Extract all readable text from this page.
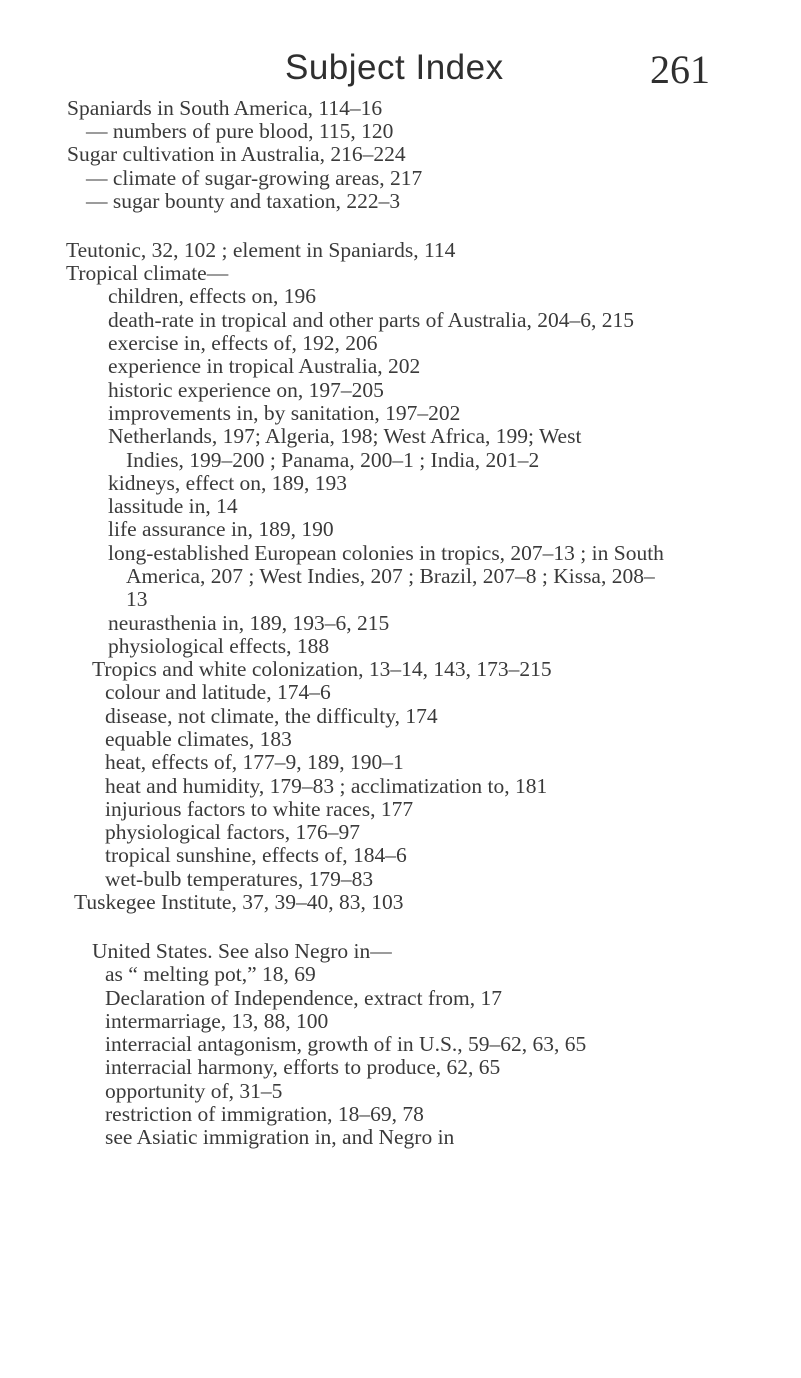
Subject Index	261
Spaniards in South America, 114–16
— numbers of pure blood, 115, 120
Sugar cultivation in Australia, 216–224
— climate of sugar-growing areas, 217
— sugar bounty and taxation, 222–3
Teutonic, 32, 102 ; element in Spaniards, 114
Tropical climate—
children, effects on, 196
death-rate in tropical and other parts of Australia, 204–6, 215
exercise in, effects of, 192, 206
experience in tropical Australia, 202
historic experience on, 197–205
improvements in, by sanitation, 197–202
Netherlands, 197; Algeria, 198; West Africa, 199; West
Indies, 199–200 ; Panama, 200–1 ; India, 201–2
kidneys, effect on, 189, 193
lassitude in, 14
life assurance in, 189, 190
long-established European colonies in tropics, 207–13 ; in South
America, 207 ; West Indies, 207 ; Brazil, 207–8 ; Kissa, 208–
13
neurasthenia in, 189, 193–6, 215
physiological effects, 188
Tropics and white colonization, 13–14, 143, 173–215
colour and latitude, 174–6
disease, not climate, the difficulty, 174
equable climates, 183
heat, effects of, 177–9, 189, 190–1
heat and humidity, 179–83 ; acclimatization to, 181
injurious factors to white races, 177
physiological factors, 176–97
tropical sunshine, effects of, 184–6
wet-bulb temperatures, 179–83
Tuskegee Institute, 37, 39–40, 83, 103
United States. See also Negro in—
as “ melting pot,” 18, 69
Declaration of Independence, extract from, 17
intermarriage, 13, 88, 100
interracial antagonism, growth of in U.S., 59–62, 63, 65
interracial harmony, efforts to produce, 62, 65
opportunity of, 31–5
restriction of immigration, 18–69, 78
see Asiatic immigration in, and Negro in
